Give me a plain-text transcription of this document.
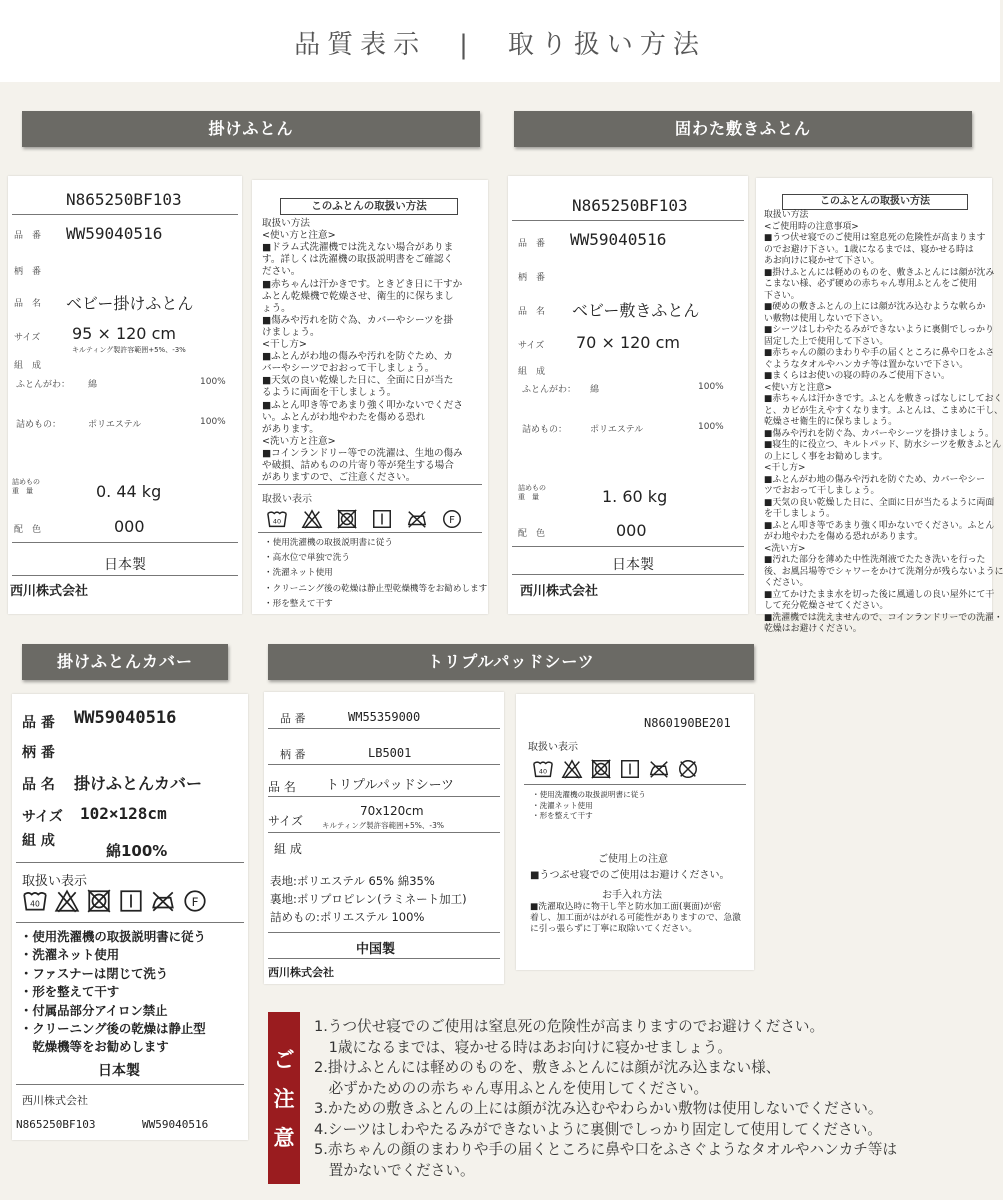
品質表示　|　取り扱い方法
掛けふとん	固わた敷きふとん
掛けふとんカバー	トリプルパッドシーツ
N865250BF103
品　番 WW59040516
柄　番
品　名 ベビー掛けふとん
サイズ 95 × 120 cm
キルティング製許容範囲+5%、-3%
組　成
ふとんがわ： 綿	100%
詰めもの：	ポリエステル	100%
詰めもの重　量	0. 44 kg
配　色	000
日本製
西川株式会社
このふとんの取扱い方法
取扱い方法
<使い方と注意>
■ドラム式洗濯機では洗えない場合がありま
す。詳しくは洗濯機の取扱説明書をご確認く
ださい。
■赤ちゃんは汗かきです。ときどき日に干すか
ふとん乾燥機で乾燥させ、衛生的に保ちまし
ょう。
■傷みや汚れを防ぐ為、カバーやシーツを掛
けましょう。
<干し方>
■ふとんがわ地の傷みや汚れを防ぐため、カ
バーやシーツでおおって干しましょう。
■天気の良い乾燥した日に、全面に日が当た
るように両面を干しましょう。
■ふとん叩き等であまり強く叩かないでくださ
い。ふとんがわ地やわたを傷める恐れ
があります。
<洗い方と注意>
■コインランドリー等での洗濯は、生地の傷み
や破損、詰めものの片寄り等が発生する場合
がありますので、ご注意ください。
取扱い表示
40	F
・使用洗濯機の取扱説明書に従う
・高水位で単独で洗う
・洗濯ネット使用
・クリーニング後の乾燥は静止型乾燥機等をお勧めします
・形を整えて干す
N865250BF103
品　番 WW59040516
柄　番
品　名 ベビー敷きふとん
サイズ 70 × 120 cm
組　成
ふとんがわ： 綿	100%
詰めもの：	ポリエステル	100%
詰めもの重　量	1. 60 kg
配　色	000
日本製
西川株式会社
このふとんの取扱い方法
取扱い方法
<ご使用時の注意事項>
■うつ伏せ寝でのご使用は窒息死の危険性が高まります
のでお避け下さい。1歳になるまでは、寝かせる時は
あお向けに寝かせて下さい。
■掛けふとんには軽めのものを、敷きふとんには顔が沈み
こまない様、必ず硬めの赤ちゃん専用ふとんをご使用
下さい。
■硬めの敷きふとんの上には顔が沈み込むような軟らか
い敷物は使用しないで下さい。
■シーツはしわやたるみができないように裏側でしっかり
固定した上で使用して下さい。
■赤ちゃんの顔のまわりや手の届くところに鼻や口をふさ
ぐようなタオルやハンカチ等は置かないで下さい。
■まくらはお使いの寝の時のみご使用下さい。
<使い方と注意>
■赤ちゃんは汗かきです。ふとんを敷きっぱなしにしておく
と、カビが生えやすくなります。ふとんは、こまめに干し、
乾燥させ衛生的に保ちましょう。
■傷みや汚れを防ぐ為、カバーやシーツを掛けましょう。
■寝生的に役立つ、キルトパッド、防水シーツを敷きふとん
の上にしく事をお勧めします。
<干し方>
■ふとんがわ地の傷みや汚れを防ぐため、カバーやシー
ツでおおって干しましょう。
■天気の良い乾燥した日に、全面に日が当たるように両面
を干しましょう。
■ふとん叩き等であまり強く叩かないでください。ふとん
がわ地やわたを傷める恐れがあります。
<洗い方>
■汚れた部分を薄めた中性洗剤液でたたき洗いを行った
後、お風呂場等でシャワーをかけて洗剤分が残らないように
ください。
■立てかけたまま水を切った後に風通しの良い屋外にて干
して充分乾燥させてください。
■洗濯機では洗えませんので、コインランドリーでの洗濯・
乾燥はお避けください。
品 番 WW59040516
柄 番
品 名 掛けふとんカバー
サイズ 102×128cm
組 成
綿100%
取扱い表示
40	F
・使用洗濯機の取扱説明書に従う
・洗濯ネット使用
・ファスナーは閉じて洗う
・形を整えて干す
・付属品部分アイロン禁止
・クリーニング後の乾燥は静止型
　乾燥機等をお勧めします
日本製
西川株式会社
N865250BF103	WW59040516
品 番	WM55359000
柄 番	LB5001
品 名 トリプルパッドシーツ
サイズ
70x120cm
キルティング製許容範囲+5%、-3%
組 成
表地:ポリエステル 65% 綿35%
裏地:ポリプロピレン(ラミネート加工)
詰めもの:ポリエステル 100%
中国製
西川株式会社
N860190BE201
取扱い表示
40
・使用洗濯機の取扱説明書に従う
・洗濯ネット使用
・形を整えて干す
ご使用上の注意
■うつぶせ寝でのご使用はお避けください。
お手入れ方法
■洗濯取込時に物干し竿と防水加工面(裏面)が密
着し、加工面がはがれる可能性がありますので、急激
に引っ張らずに丁寧に取除いてください。
ご
注
意
1.うつ伏せ寝でのご使用は窒息死の危険性が高まりますのでお避けください。
　1歳になるまでは、寝かせる時はあお向けに寝かせましょう。
2.掛けふとんには軽めのものを、敷きふとんには顔が沈み込まない様、
　必ずかためのの赤ちゃん専用ふとんを使用してください。
3.かための敷きふとんの上には顔が沈み込むやわらかい敷物は使用しないでください。
4.シーツはしわやたるみができないように裏側でしっかり固定して使用してください。
5.赤ちゃんの顔のまわりや手の届くところに鼻や口をふさぐようなタオルやハンカチ等は
　置かないでください。
